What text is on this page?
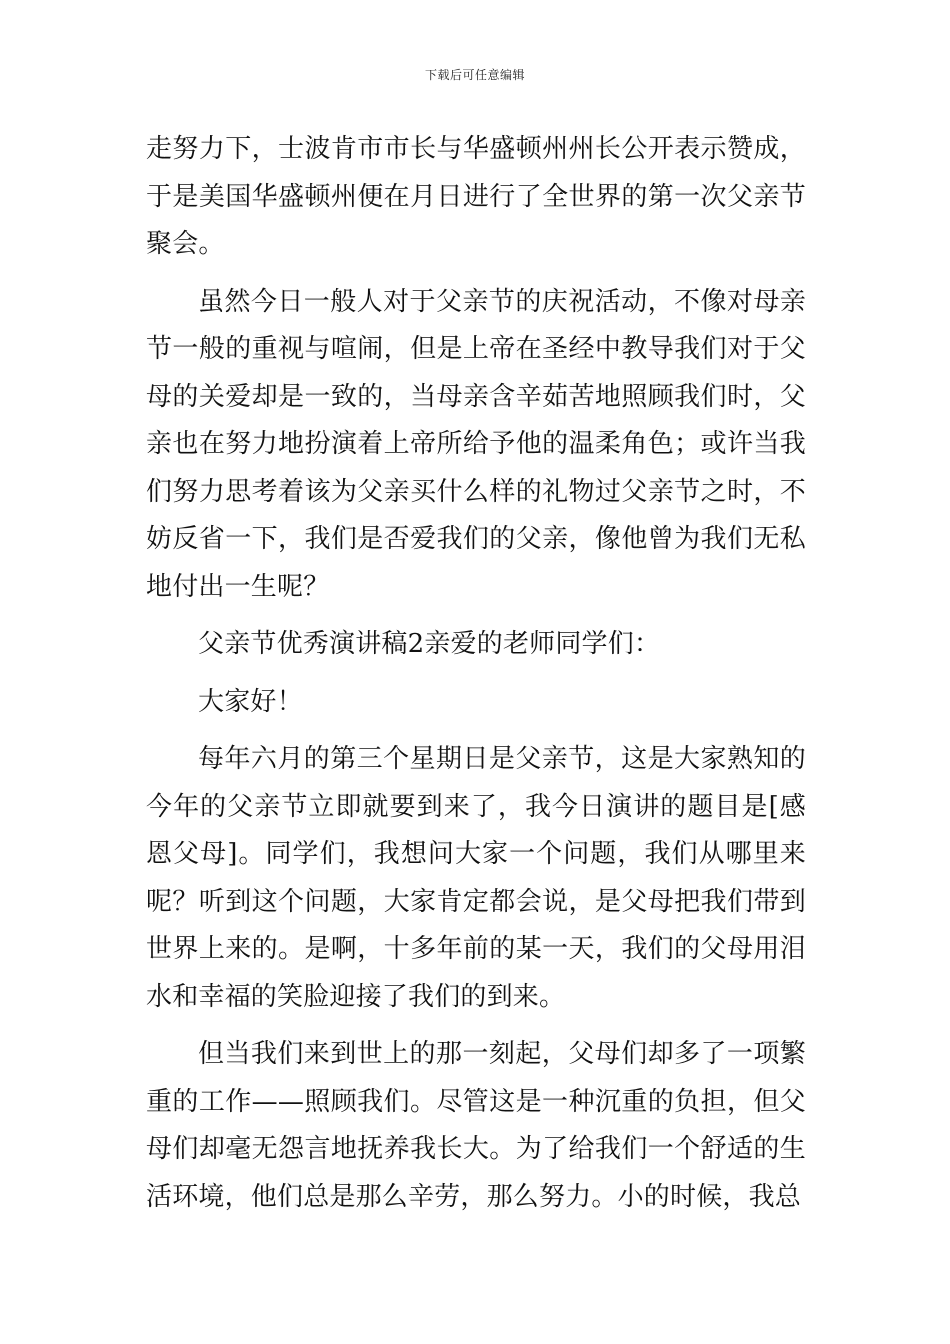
下载后可任意编辑

走努力下，士波肯市市长与华盛顿州州长公开表示赞成，于是美国华盛顿州便在月日进行了全世界的第一次父亲节聚会。

虽然今日一般人对于父亲节的庆祝活动，不像对母亲节一般的重视与喧闹，但是上帝在圣经中教导我们对于父母的关爱却是一致的，当母亲含辛茹苦地照顾我们时，父亲也在努力地扮演着上帝所给予他的温柔角色；或许当我们努力思考着该为父亲买什么样的礼物过父亲节之时，不妨反省一下，我们是否爱我们的父亲，像他曾为我们无私地付出一生呢？

父亲节优秀演讲稿2亲爱的老师同学们：

大家好！

每年六月的第三个星期日是父亲节，这是大家熟知的今年的父亲节立即就要到来了，我今日演讲的题目是[感恩父母]。同学们，我想问大家一个问题，我们从哪里来呢？听到这个问题，大家肯定都会说，是父母把我们带到世界上来的。是啊，十多年前的某一天，我们的父母用泪水和幸福的笑脸迎接了我们的到来。

但当我们来到世上的那一刻起，父母们却多了一项繁重的工作——照顾我们。尽管这是一种沉重的负担，但父母们却毫无怨言地抚养我长大。为了给我们一个舒适的生活环境，他们总是那么辛劳，那么努力。小的时候，我总
